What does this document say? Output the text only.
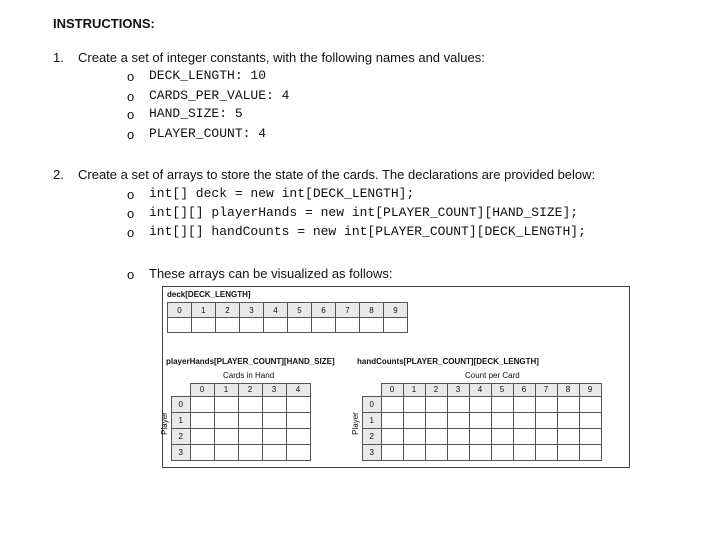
INSTRUCTIONS:
1. Create a set of integer constants, with the following names and values:
o DECK_LENGTH: 10
o CARDS_PER_VALUE: 4
o HAND_SIZE: 5
o PLAYER_COUNT: 4
2. Create a set of arrays to store the state of the cards. The declarations are provided below:
o int[] deck = new int[DECK_LENGTH];
o int[][] playerHands = new int[PLAYER_COUNT][HAND_SIZE];
o int[][] handCounts = new int[PLAYER_COUNT][DECK_LENGTH];
o These arrays can be visualized as follows:
deck[DECK_LENGTH]
0	1	2	3	4	5	6	7	8	9

playerHands[PLAYER_COUNT][HAND_SIZE]
Cards in Hand
Player
	0	1	2	3	4
0					
1					
2					
3					
handCounts[PLAYER_COUNT][DECK_LENGTH]
Count per Card
Player
	0	1	2	3	4	5	6	7	8	9
0										
1										
2										
3										
